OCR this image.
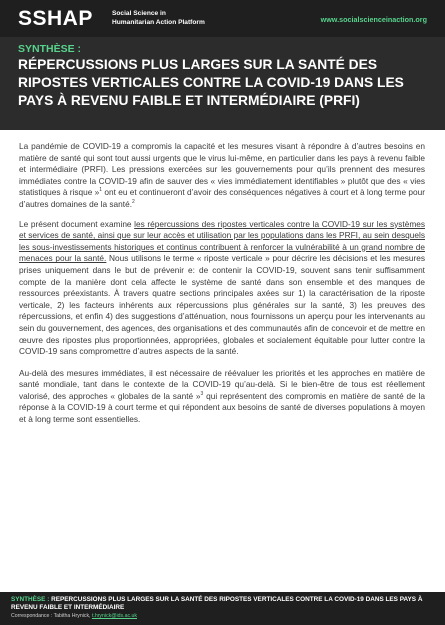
SSHAP	Social Science in
Humanitarian Action Platform	www.socialscienceinaction.org
SYNTHÈSE :
RÉPERCUSSIONS PLUS LARGES SUR LA SANTÉ DES RIPOSTES VERTICALES CONTRE LA COVID-19 DANS LES PAYS À REVENU FAIBLE ET INTERMÉDIAIRE (PRFI)

La pandémie de COVID-19 a compromis la capacité et les mesures visant à répondre à d’autres besoins en matière de santé qui sont tout aussi urgents que le virus lui-même, en particulier dans les pays à revenu faible et intermédiaire (PRFI). Les pressions exercées sur les gouvernements pour qu’ils prennent des mesures immédiates contre la COVID-19 afin de sauver des « vies immédiatement identifiables » plutôt que des « vies statistiques à risque »$^1$ ont eu et continueront d’avoir des conséquences négatives à court et à long terme pour d’autres domaines de la santé.$^2$

Le présent document examine les répercussions des ripostes verticales contre la COVID-19 sur les systèmes et services de santé, ainsi que sur leur accès et utilisation par les populations dans les PRFI, au sein desquels les sous-investissements historiques et continus contribuent à renforcer la vulnérabilité à un grand nombre de menaces pour la santé. Nous utilisons le terme « riposte verticale » pour décrire les décisions et les mesures prises uniquement dans le but de prévenir e: de contenir la COVID-19, souvent sans tenir suffisamment compte de la manière dont cela affecte le système de santé dans son ensemble et des manques de ressources préexistants. À travers quatre sections principales axées sur 1) la caractérisation de la riposte verticale, 2) les facteurs inhérents aux répercussions plus générales sur la santé, 3) les preuves des répercussions, et enfin 4) des suggestions d’atténuation, nous fournissons un aperçu pour les intervenants au sein du gouvernement, des agences, des organisations et des communautés afin de concevoir et de mettre en œuvre des ripostes plus proportionnées, appropriées, globales et socialement équitable pour lutter contre la COVID-19 sans compromettre d’autres aspects de la santé.

Au-delà des mesures immédiates, il est nécessaire de réévaluer les priorités et les approches en matière de santé mondiale, tant dans le contexte de la COVID-19 qu’au-delà. Si le bien-être de tous est réellement valorisé, des approches « globales de la santé »$^3$ qui représentent des compromis en matière de santé de la réponse à la COVID-19 à court terme et qui répondent aux besoins de santé de diverses populations à moyen et à long terme sont essentielles.

SYNTHÈSE : REPERCUSSIONS PLUS LARGES SUR LA SANTÉ DES RIPOSTES VERTICALES CONTRE LA COVID-19 DANS LES PAYS À REVENU FAIBLE ET INTERMÉDIAIRE
Correspondance : Tabitha Hrynick, t.hrynick@ids.ac.uk
